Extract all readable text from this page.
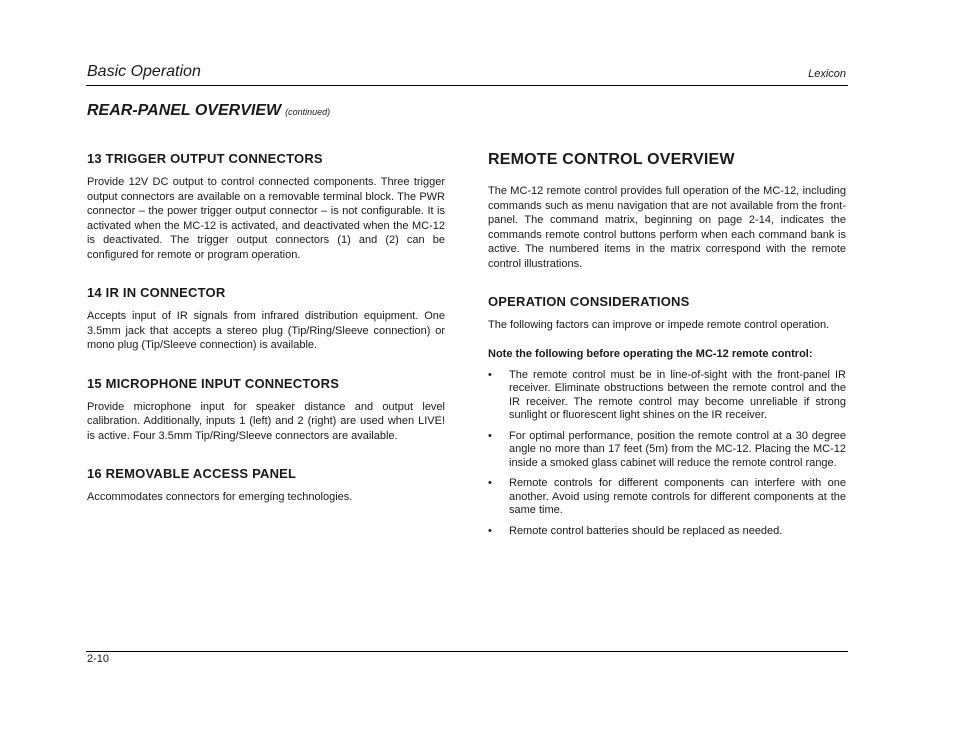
Basic Operation	Lexicon
REAR-PANEL OVERVIEW (continued)
13 TRIGGER OUTPUT CONNECTORS

Provide 12V DC output to control connected components. Three trigger output connectors are available on a removable terminal block. The PWR connector – the power trigger output connector – is not configurable. It is activated when the MC-12 is activated, and deactivated when the MC-12 is deactivated. The trigger output connectors (1) and (2) can be configured for remote or program operation.

14 IR IN CONNECTOR

Accepts input of IR signals from infrared distribution equipment. One 3.5mm jack that accepts a stereo plug (Tip/Ring/Sleeve connection) or mono plug (Tip/Sleeve connection) is available.

15 MICROPHONE INPUT CONNECTORS

Provide microphone input for speaker distance and output level calibration. Additionally, inputs 1 (left) and 2 (right) are used when LIVE! is active. Four 3.5mm Tip/Ring/Sleeve connectors are available.

16 REMOVABLE ACCESS PANEL

Accommodates connectors for emerging technologies.

REMOTE CONTROL OVERVIEW

The MC-12 remote control provides full operation of the MC-12, including commands such as menu navigation that are not available from the front-panel. The command matrix, beginning on page 2-14, indicates the commands remote control buttons perform when each command bank is active. The numbered items in the matrix correspond with the remote control illustrations.

OPERATION CONSIDERATIONS

The following factors can improve or impede remote control operation.

Note the following before operating the MC-12 remote control:

• The remote control must be in line-of-sight with the front-panel IR receiver. Eliminate obstructions between the remote control and the IR receiver. The remote control may become unreliable if strong sunlight or fluorescent light shines on the IR receiver.
• For optimal performance, position the remote control at a 30 degree angle no more than 17 feet (5m) from the MC-12. Placing the MC-12 inside a smoked glass cabinet will reduce the remote control range.
• Remote controls for different components can interfere with one another. Avoid using remote controls for different components at the same time.
• Remote control batteries should be replaced as needed.
2-10
